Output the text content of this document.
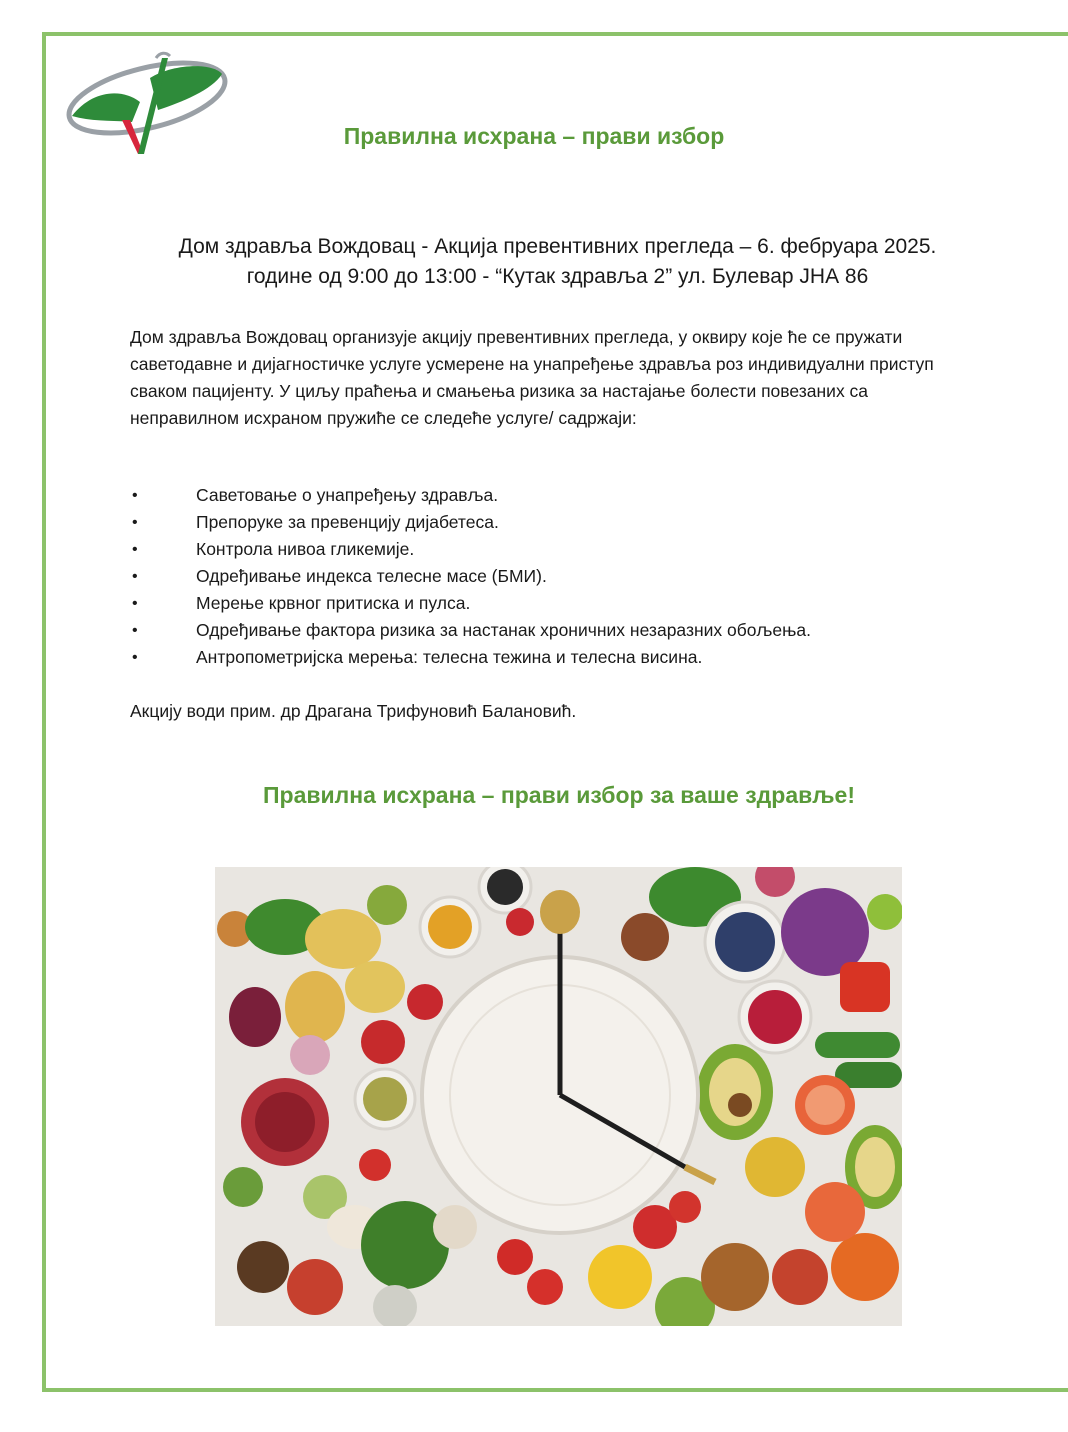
Правилна исхрана – прави избор
Дом здравља Вождовац - Акција превентивних прегледа – 6. фебруара 2025.
године од 9:00 до 13:00 - “Кутак здравља 2” ул. Булевар ЈНА 86
Дом здравља Вождовац организује акцију превентивних прегледа, у оквиру које ће се пружати саветодавне и дијагностичке услуге усмерене на унапређење здравља роз индивидуални приступ сваком пацијенту. У циљу праћења и смањења ризика за настајање болести повезаних са неправилном исхраном пружиће се следеће услуге/ садржаји:
•	Саветовање о унапређењу здравља.
•	Препоруке за превенцију дијабетеса.
•	Контрола нивоа гликемије.
•	Одређивање индекса телесне масе (БМИ).
•	Мерење крвног притиска и пулса.
•	Одређивање фактора ризика за настанак хроничних незаразних обољења.
•	Антропометријска мерења: телесна тежина и телесна висина.
Акцију води прим. др Драгана Трифуновић Балановић.
Правилна исхрана – прави избор за ваше здравље!
